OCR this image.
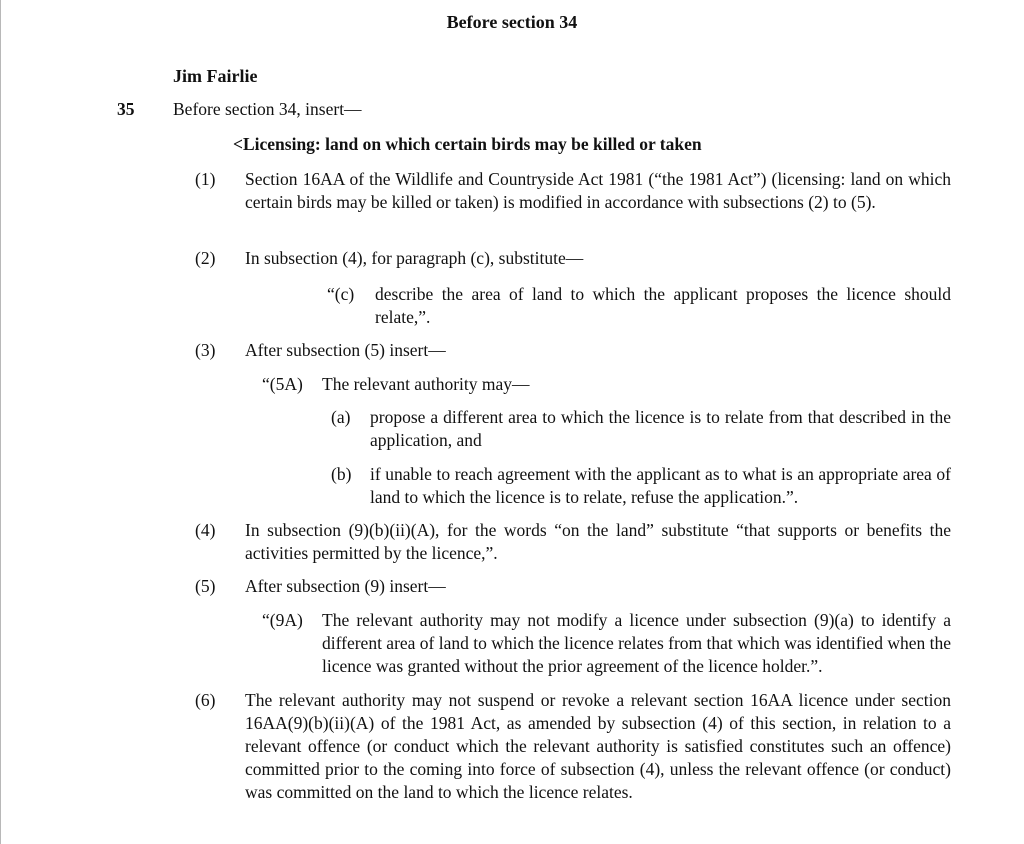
Before section 34
Jim Fairlie
35 Before section 34, insert—
<Licensing: land on which certain birds may be killed or taken
(1) Section 16AA of the Wildlife and Countryside Act 1981 (“the 1981 Act”) (licensing: land on which certain birds may be killed or taken) is modified in accordance with subsections (2) to (5).
(2) In subsection (4), for paragraph (c), substitute—
“(c) describe the area of land to which the applicant proposes the licence should relate,”.
(3) After subsection (5) insert—
“(5A) The relevant authority may—
(a) propose a different area to which the licence is to relate from that described in the application, and
(b) if unable to reach agreement with the applicant as to what is an appropriate area of land to which the licence is to relate, refuse the application.”.
(4) In subsection (9)(b)(ii)(A), for the words “on the land” substitute “that supports or benefits the activities permitted by the licence,”.
(5) After subsection (9) insert—
“(9A) The relevant authority may not modify a licence under subsection (9)(a) to identify a different area of land to which the licence relates from that which was identified when the licence was granted without the prior agreement of the licence holder.”.
(6) The relevant authority may not suspend or revoke a relevant section 16AA licence under section 16AA(9)(b)(ii)(A) of the 1981 Act, as amended by subsection (4) of this section, in relation to a relevant offence (or conduct which the relevant authority is satisfied constitutes such an offence) committed prior to the coming into force of subsection (4), unless the relevant offence (or conduct) was committed on the land to which the licence relates.
